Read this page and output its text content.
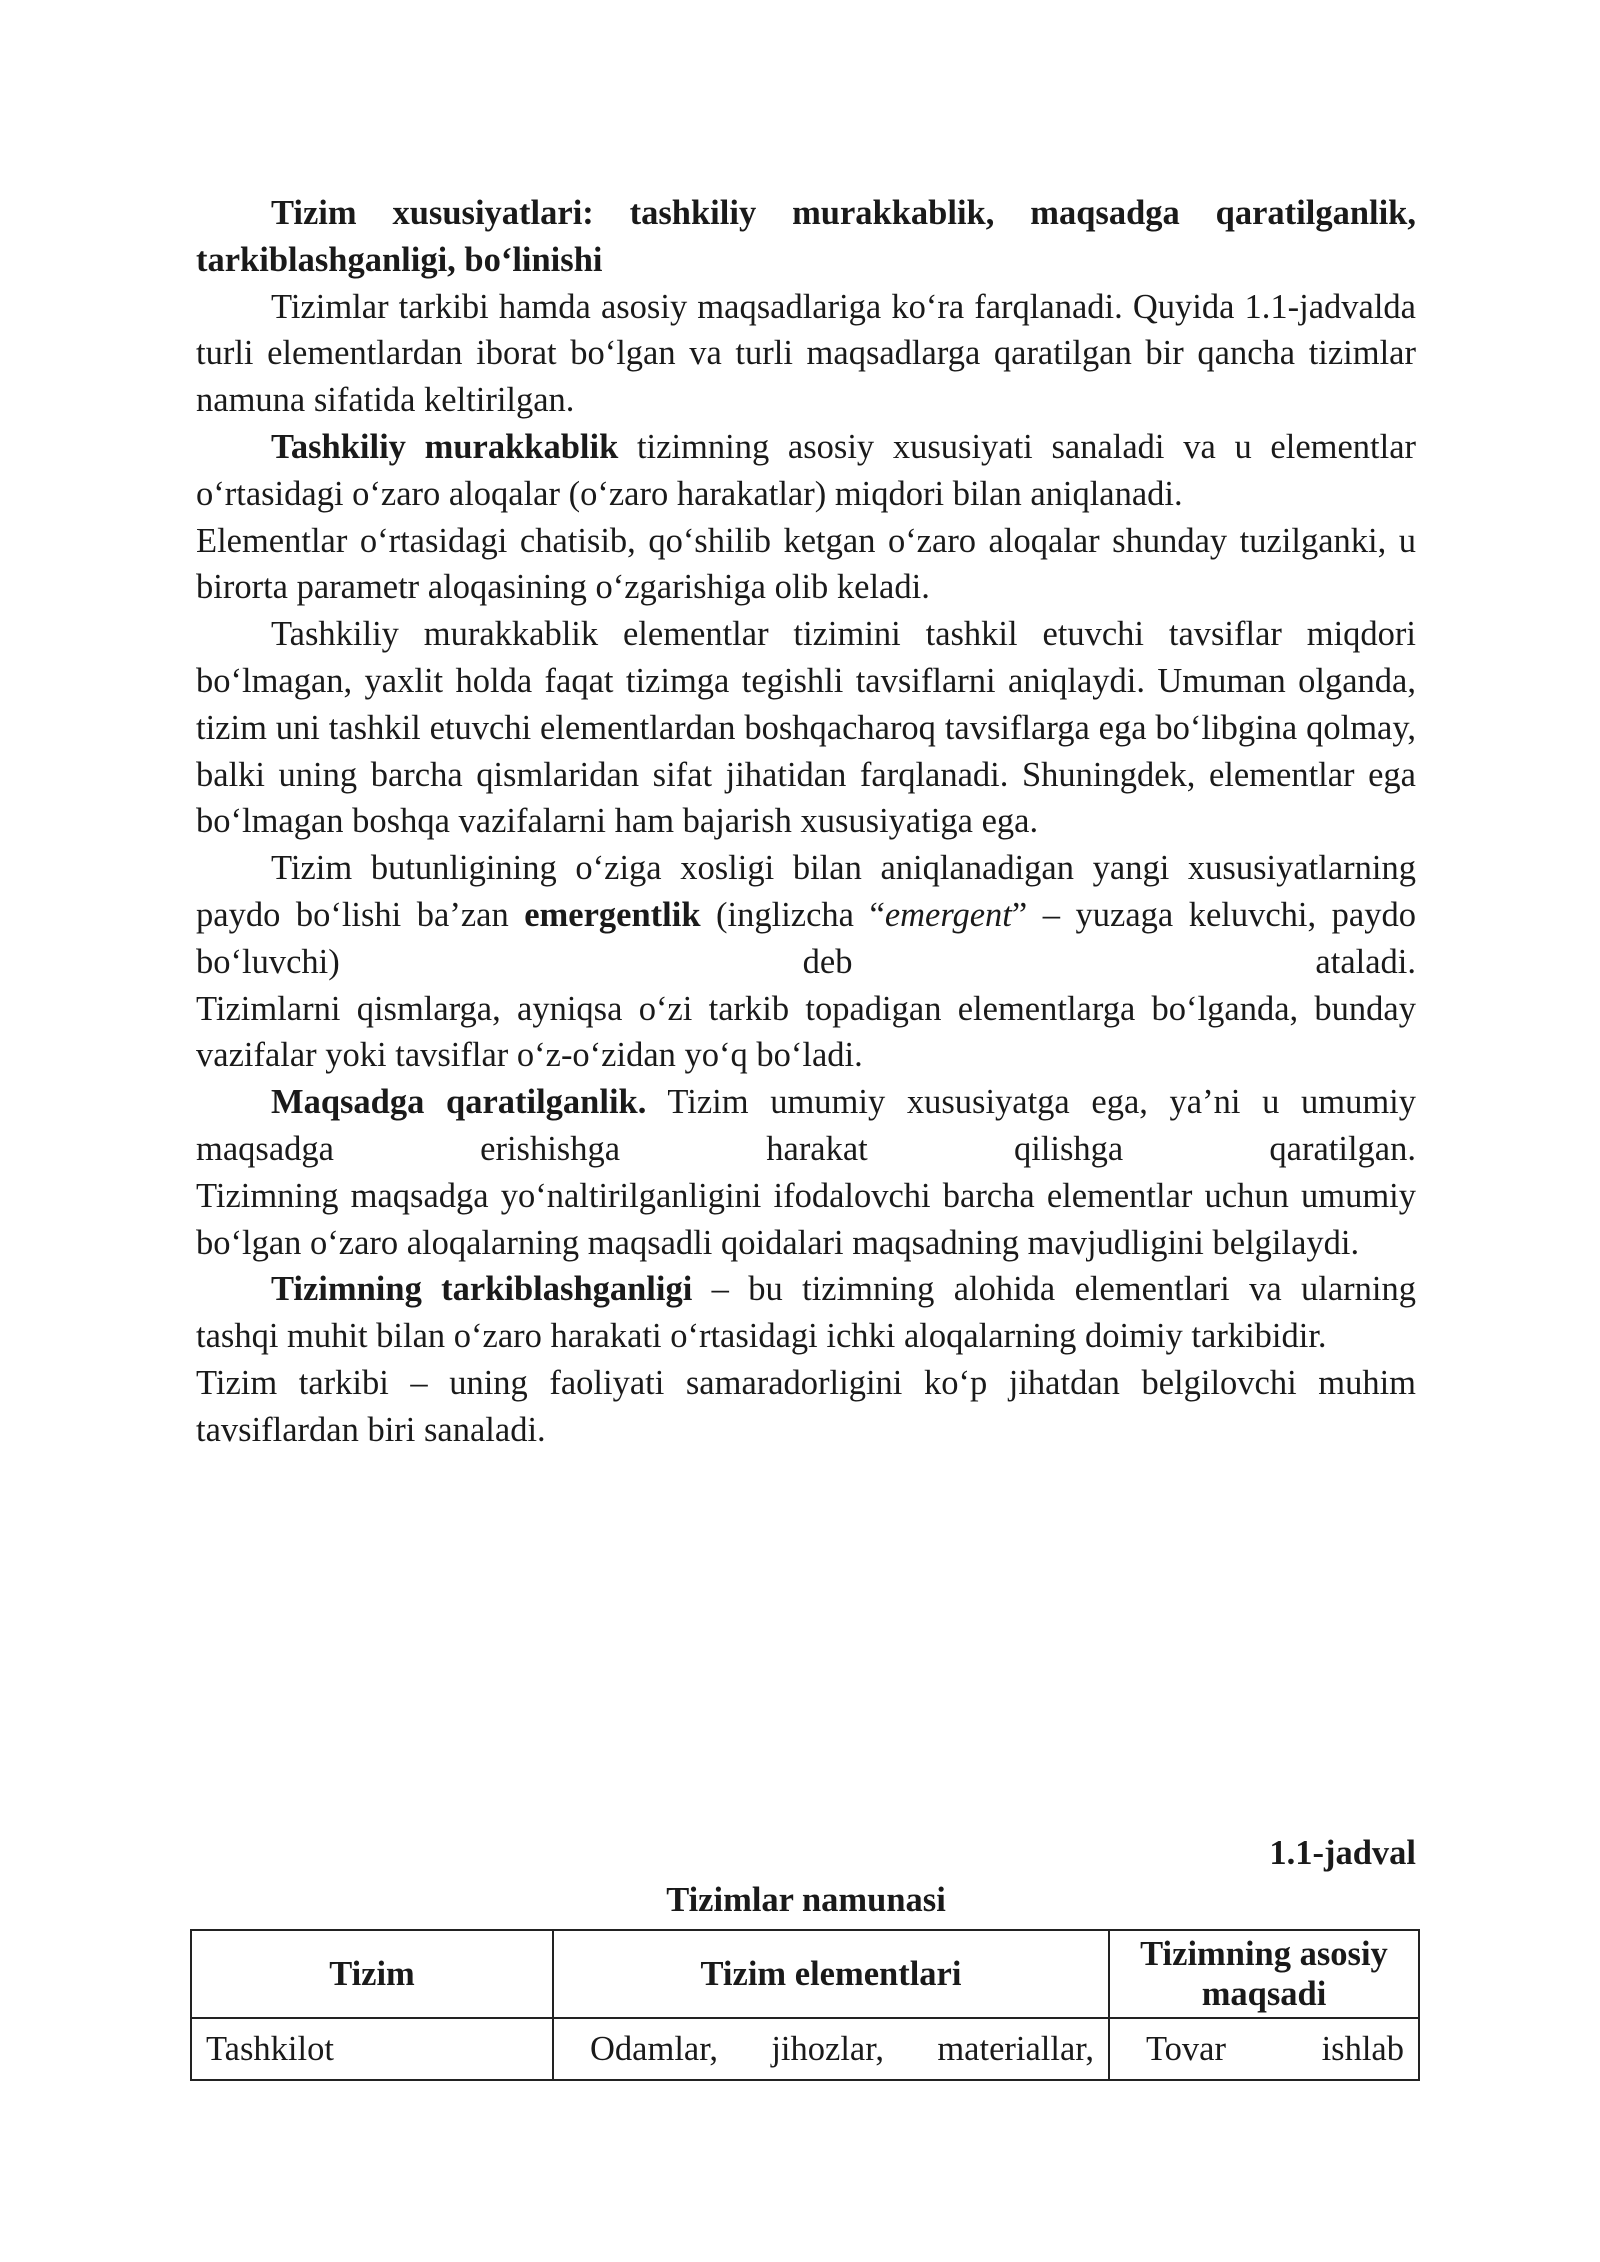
Tizim xususiyatlari: tashkiliy murakkablik, maqsadga qaratilganlik, tarkiblashganligi, bo‘linishi

Tizimlar tarkibi hamda asosiy maqsadlariga ko‘ra farqlanadi. Quyida 1.1-jadvalda turli elementlardan iborat bo‘lgan va turli maqsadlarga qaratilgan bir qancha tizimlar namuna sifatida keltirilgan.

Tashkiliy murakkablik tizimning asosiy xususiyati sanaladi va u elementlar o‘rtasidagi o‘zaro aloqalar (o‘zaro harakatlar) miqdori bilan aniqlanadi.

Elementlar o‘rtasidagi chatisib, qo‘shilib ketgan o‘zaro aloqalar shunday tuzilganki, u birorta parametr aloqasining o‘zgarishiga olib keladi.

Tashkiliy murakkablik elementlar tizimini tashkil etuvchi tavsiflar miqdori bo‘lmagan, yaxlit holda faqat tizimga tegishli tavsiflarni aniqlaydi. Umuman olganda, tizim uni tashkil etuvchi elementlardan boshqacharoq tavsiflarga ega bo‘libgina qolmay, balki uning barcha qismlaridan sifat jihatidan farqlanadi. Shuningdek, elementlar ega bo‘lmagan boshqa vazifalarni ham bajarish xususiyatiga ega.

Tizim butunligining o‘ziga xosligi bilan aniqlanadigan yangi xususiyatlarning paydo bo‘lishi ba’zan emergentlik (inglizcha “emergent” – yuzaga keluvchi, paydo bo‘luvchi) deb ataladi.

Tizimlarni qismlarga, ayniqsa o‘zi tarkib topadigan elementlarga bo‘lganda, bunday vazifalar yoki tavsiflar o‘z-o‘zidan yo‘q bo‘ladi.

Maqsadga qaratilganlik. Tizim umumiy xususiyatga ega, ya’ni u umumiy maqsadga erishishga harakat qilishga qaratilgan.

Tizimning maqsadga yo‘naltirilganligini ifodalovchi barcha elementlar uchun umumiy bo‘lgan o‘zaro aloqalarning maqsadli qoidalari maqsadning mavjudligini belgilaydi.

Tizimning tarkiblashganligi – bu tizimning alohida elementlari va ularning tashqi muhit bilan o‘zaro harakati o‘rtasidagi ichki aloqalarning doimiy tarkibidir.

Tizim tarkibi – uning faoliyati samaradorligini ko‘p jihatdan belgilovchi muhim tavsiflardan biri sanaladi.

1.1-jadval
Tizimlar namunasi
Tizim	Tizim elementlari	Tizimning asosiy maqsadi
Tashkilot	Odamlar, jihozlar, materiallar,	Tovar ishlab
